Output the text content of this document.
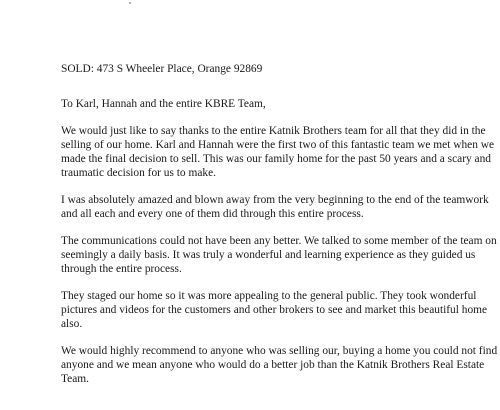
SOLD: 473 S Wheeler Place, Orange 92869
To Karl, Hannah and the entire KBRE Team,
We would just like to say thanks to the entire Katnik Brothers team for all that they did in the
selling of our home. Karl and Hannah were the first two of this fantastic team we met when we
made the final decision to sell. This was our family home for the past 50 years and a scary and
traumatic decision for us to make.
I was absolutely amazed and blown away from the very beginning to the end of the teamwork
and all each and every one of them did through this entire process.
The communications could not have been any better. We talked to some member of the team on
seemingly a daily basis. It was truly a wonderful and learning experience as they guided us
through the entire process.
They staged our home so it was more appealing to the general public. They took wonderful
pictures and videos for the customers and other brokers to see and market this beautiful home
also.
We would highly recommend to anyone who was selling our, buying a home you could not find
anyone and we mean anyone who would do a better job than the Katnik Brothers Real Estate
Team.
